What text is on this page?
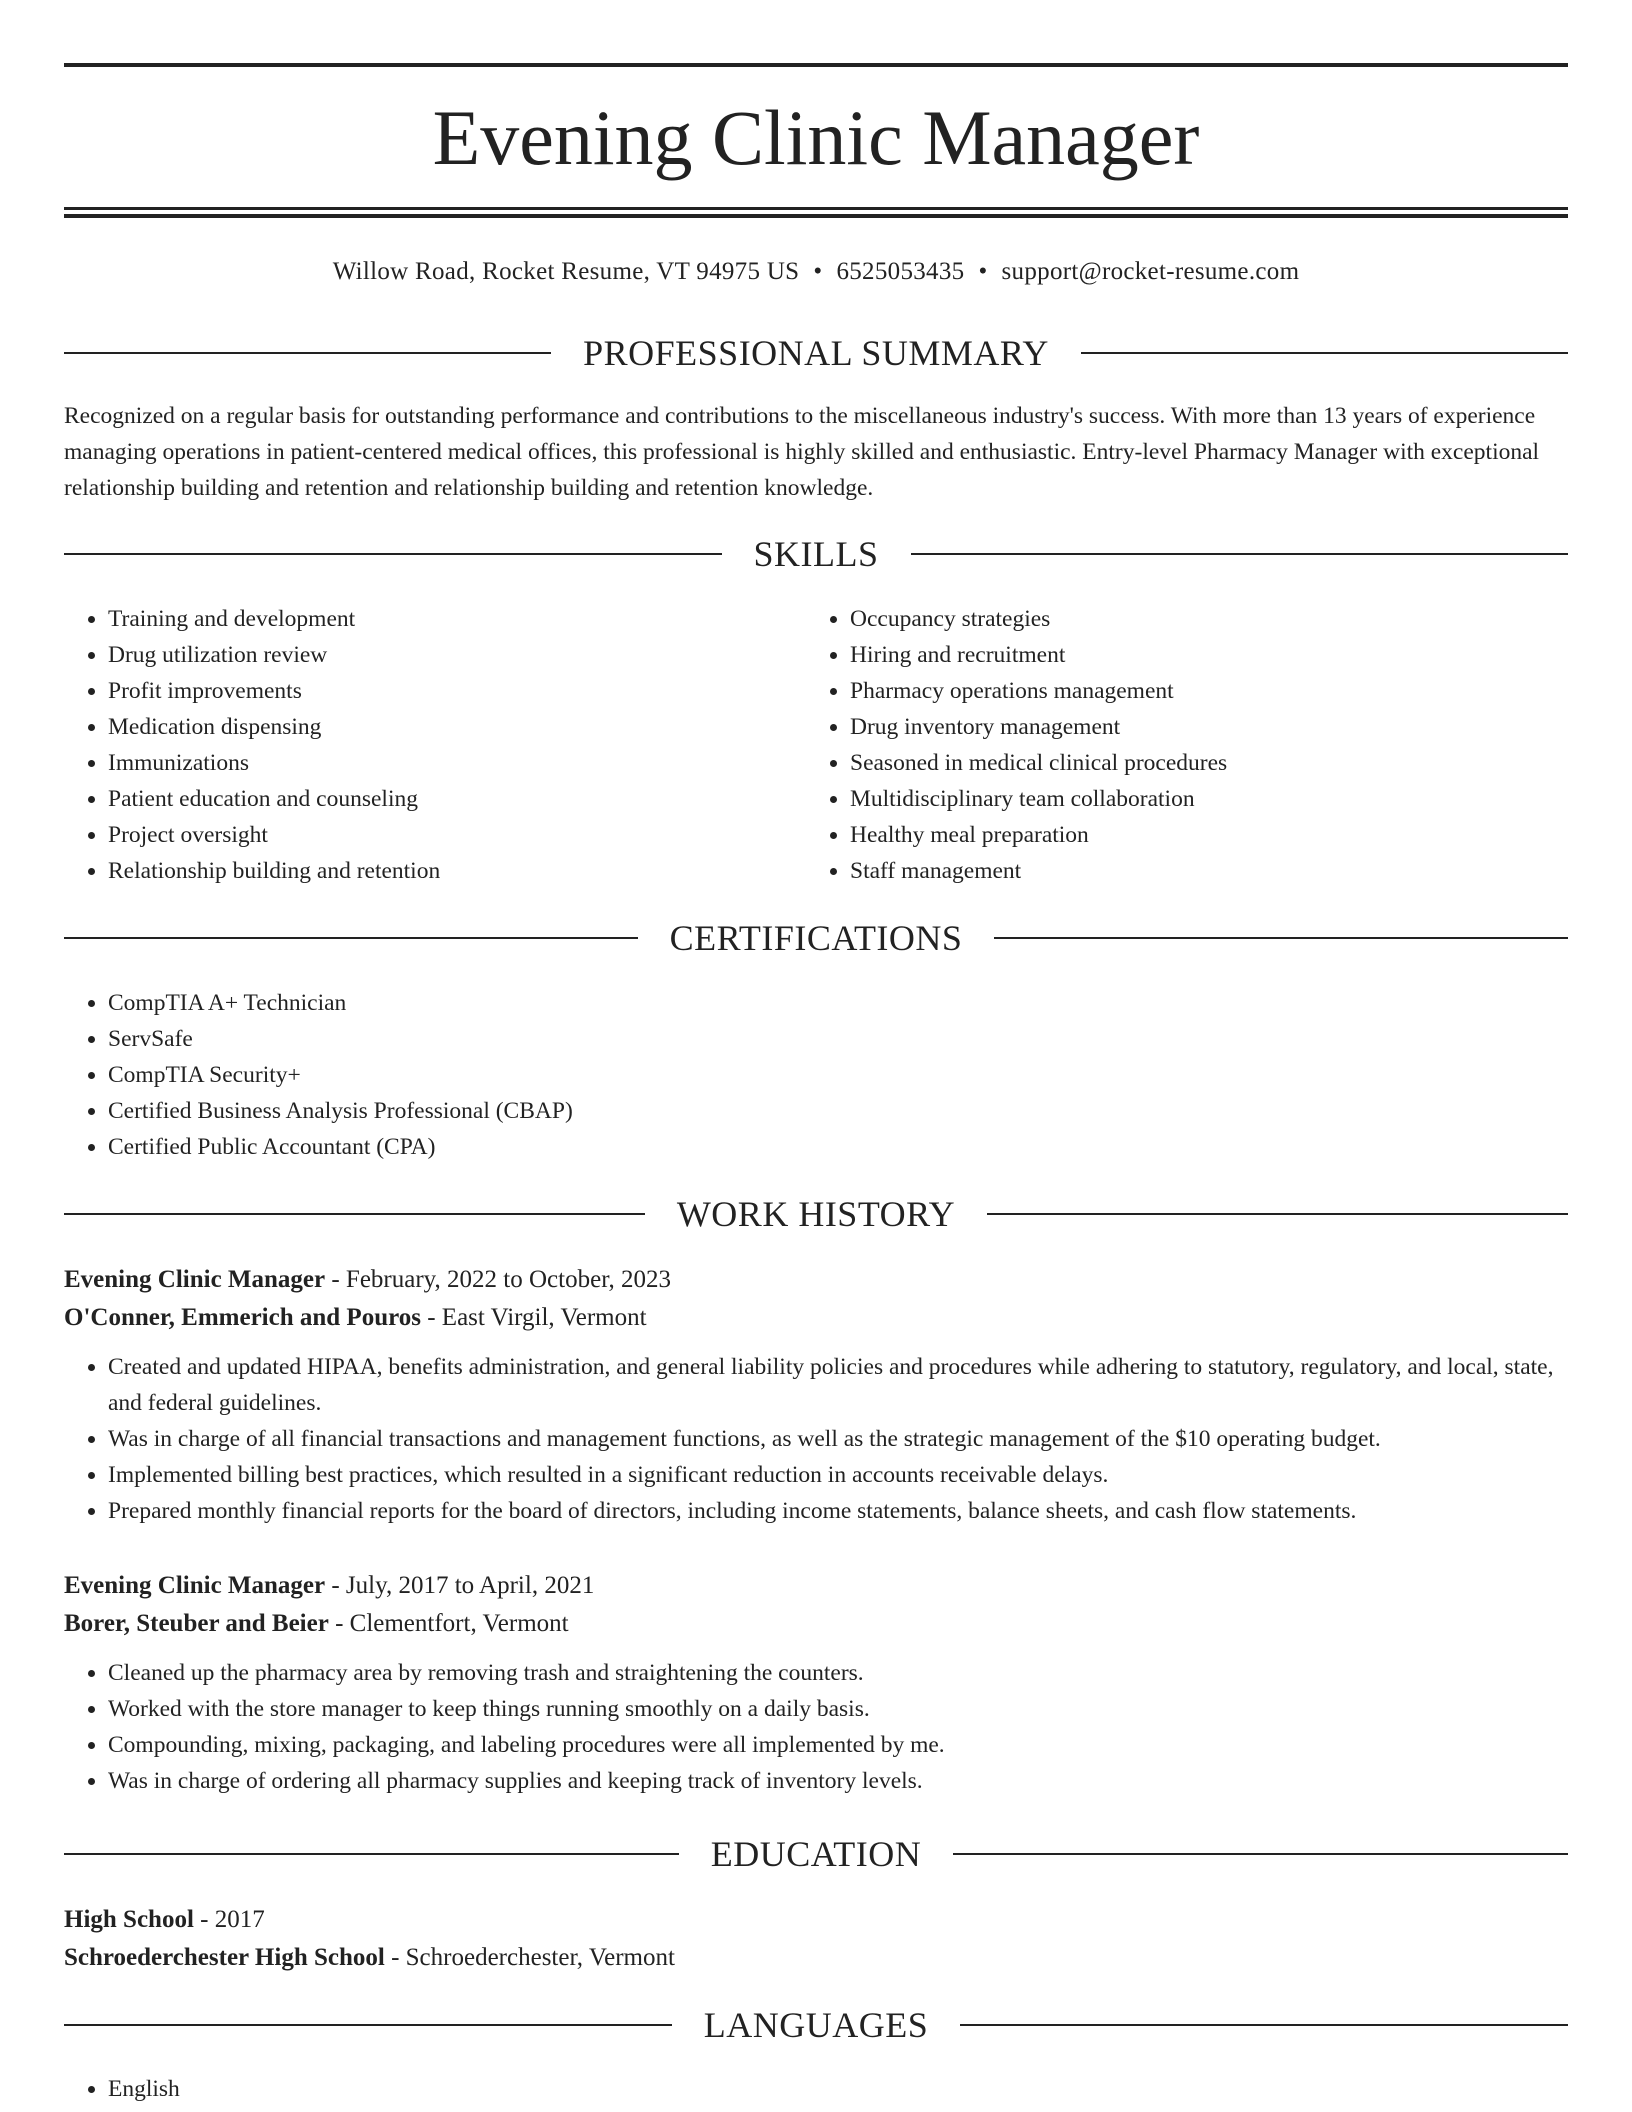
Evening Clinic Manager
Willow Road, Rocket Resume, VT 94975 US • 6525053435 • support@rocket-resume.com
PROFESSIONAL SUMMARY

Recognized on a regular basis for outstanding performance and contributions to the miscellaneous industry's success. With more than 13 years of experience managing operations in patient-centered medical offices, this professional is highly skilled and enthusiastic. Entry-level Pharmacy Manager with exceptional relationship building and retention and relationship building and retention knowledge.

SKILLS
• Training and development
• Drug utilization review
• Profit improvements
• Medication dispensing
• Immunizations
• Patient education and counseling
• Project oversight
• Relationship building and retention
• Occupancy strategies
• Hiring and recruitment
• Pharmacy operations management
• Drug inventory management
• Seasoned in medical clinical procedures
• Multidisciplinary team collaboration
• Healthy meal preparation
• Staff management
CERTIFICATIONS
• CompTIA A+ Technician
• ServSafe
• CompTIA Security+
• Certified Business Analysis Professional (CBAP)
• Certified Public Accountant (CPA)
WORK HISTORY

Evening Clinic Manager - February, 2022 to October, 2023

O'Conner, Emmerich and Pouros - East Virgil, Vermont

• Created and updated HIPAA, benefits administration, and general liability policies and procedures while adhering to statutory, regulatory, and local, state, and federal guidelines.
• Was in charge of all financial transactions and management functions, as well as the strategic management of the $10 operating budget.
• Implemented billing best practices, which resulted in a significant reduction in accounts receivable delays.
• Prepared monthly financial reports for the board of directors, including income statements, balance sheets, and cash flow statements.

Evening Clinic Manager - July, 2017 to April, 2021

Borer, Steuber and Beier - Clementfort, Vermont

• Cleaned up the pharmacy area by removing trash and straightening the counters.
• Worked with the store manager to keep things running smoothly on a daily basis.
• Compounding, mixing, packaging, and labeling procedures were all implemented by me.
• Was in charge of ordering all pharmacy supplies and keeping track of inventory levels.
EDUCATION

High School - 2017

Schroederchester High School - Schroederchester, Vermont

LANGUAGES
• English
